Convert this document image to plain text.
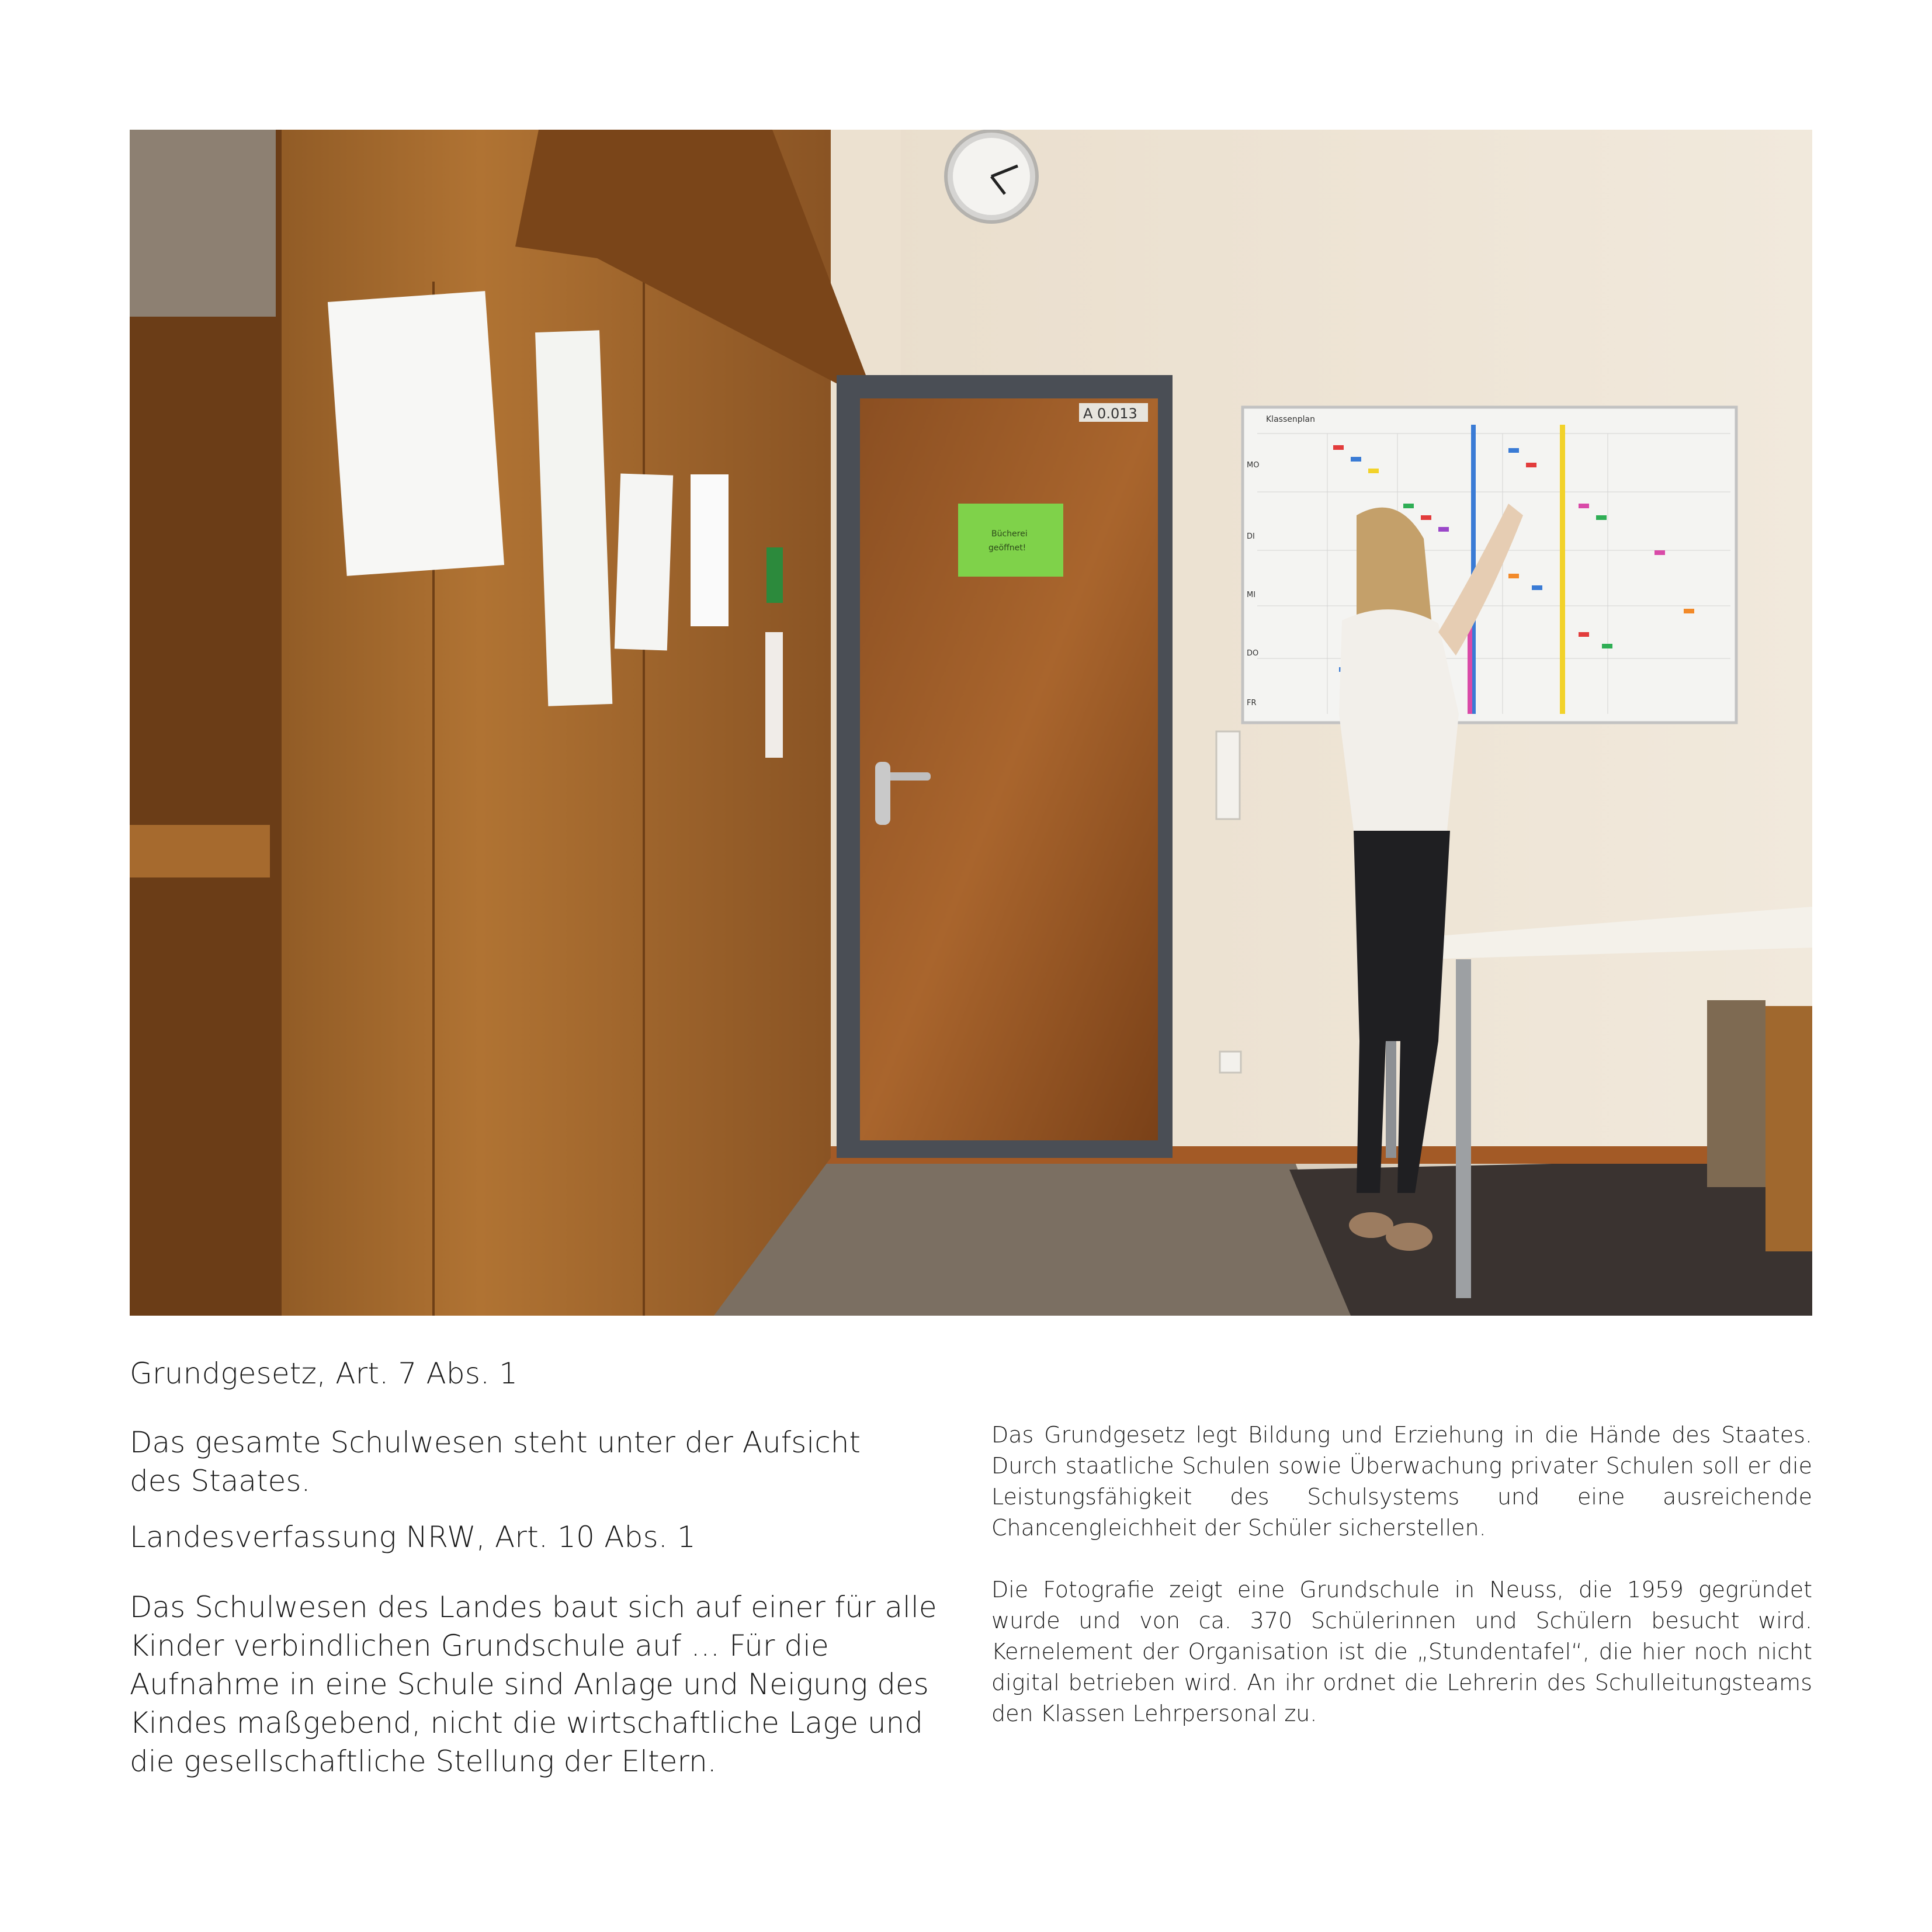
A 0.013
Bücherei
geöffnet!
Klassenplan
MO
DI
MI
DO
FR

Grundgesetz, Art. 7 Abs. 1

Das gesamte Schulwesen steht unter der Aufsicht des Staates.

Landesverfassung NRW, Art. 10 Abs. 1

Das Schulwesen des Landes baut sich auf einer für alle Kinder verbindlichen Grundschule auf … Für die Aufnahme in eine Schule sind Anlage und Neigung des Kindes maßgebend, nicht die wirtschaftliche Lage und die gesellschaftliche Stellung der Eltern.

Das Grundgesetz legt Bildung und Erziehung in die Hände des Staates. Durch staatliche Schulen sowie Überwachung privater Schulen soll er die Leistungsfähigkeit des Schulsystems und eine ausreichende Chancengleichheit der Schüler sicherstellen.

Die Fotografie zeigt eine Grundschule in Neuss, die 1959 gegründet wurde und von ca. 370 Schülerinnen und Schülern besucht wird. Kernelement der Organisation ist die „Stundentafel“, die hier noch nicht digital betrieben wird. An ihr ordnet die Lehrerin des Schulleitungsteams den Klassen Lehrpersonal zu.
